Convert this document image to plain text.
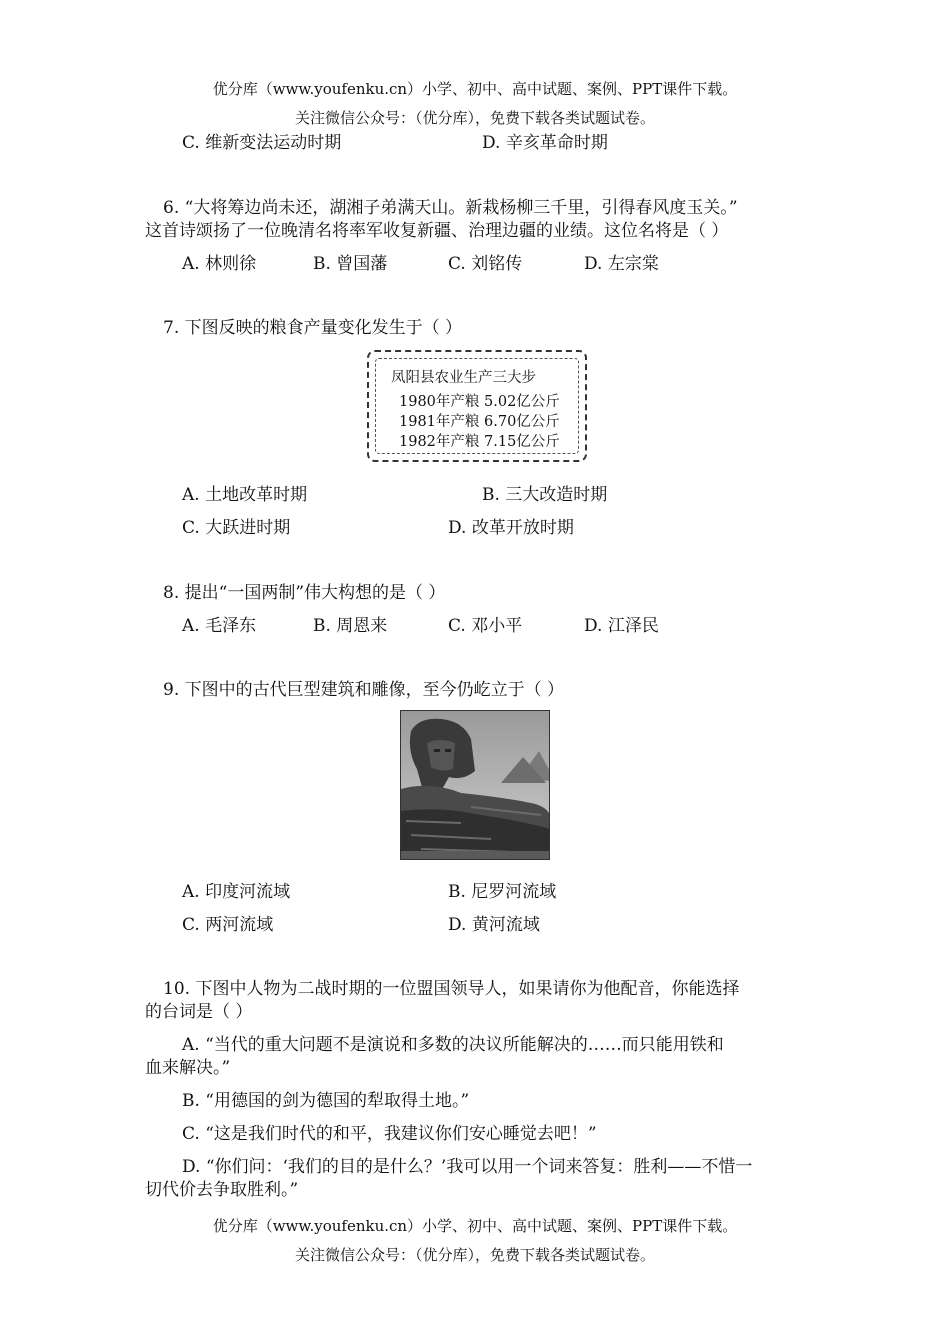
优分库（www.youfenku.cn）小学、初中、高中试题、案例、PPT课件下载。
关注微信公众号：（优分库），免费下载各类试题试卷。
C. 维新变法运动时期	D. 辛亥革命时期
6. “大将筹边尚未还，湖湘子弟满天山。新栽杨柳三千里，引得春风度玉关。”
这首诗颂扬了一位晚清名将率军收复新疆、治理边疆的业绩。这位名将是（ ）
A. 林则徐	B. 曾国藩	C. 刘铭传	D. 左宗棠
7. 下图反映的粮食产量变化发生于（ ）
凤阳县农业生产三大步
1980年产粮 5.02亿公斤
1981年产粮 6.70亿公斤
1982年产粮 7.15亿公斤
A. 土地改革时期	B. 三大改造时期
C. 大跃进时期	D. 改革开放时期
8. 提出“一国两制”伟大构想的是（ ）
A. 毛泽东	B. 周恩来	C. 邓小平	D. 江泽民
9. 下图中的古代巨型建筑和雕像，至今仍屹立于（ ）
A. 印度河流域	B. 尼罗河流域
C. 两河流域	D. 黄河流域
10. 下图中人物为二战时期的一位盟国领导人，如果请你为他配音，你能选择
的台词是（ ）
A. “当代的重大问题不是演说和多数的决议所能解决的……而只能用铁和
血来解决。”
B. “用德国的剑为德国的犁取得土地。”
C. “这是我们时代的和平，我建议你们安心睡觉去吧！”
D. “你们问：‘我们的目的是什么？’我可以用一个词来答复：胜利——不惜一
切代价去争取胜利。”
优分库（www.youfenku.cn）小学、初中、高中试题、案例、PPT课件下载。
关注微信公众号：（优分库），免费下载各类试题试卷。
